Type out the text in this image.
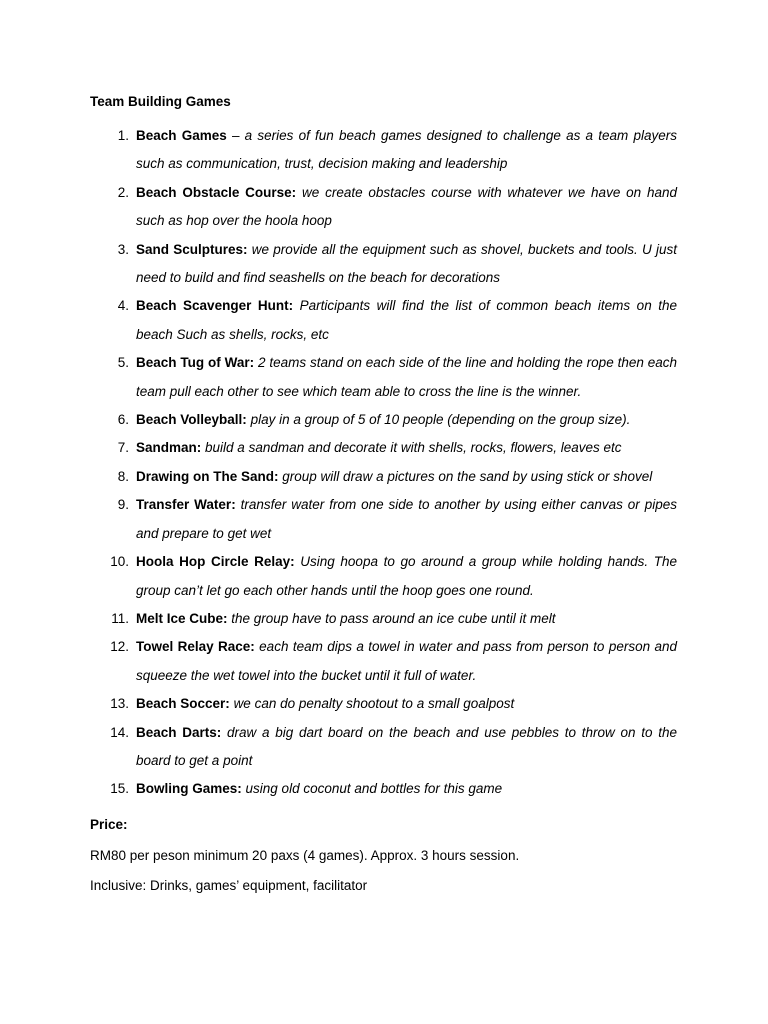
Team Building Games
1. Beach Games – a series of fun beach games designed to challenge as a team players such as communication, trust, decision making and leadership
2. Beach Obstacle Course: we create obstacles course with whatever we have on hand such as hop over the hoola hoop
3. Sand Sculptures: we provide all the equipment such as shovel, buckets and tools. U just need to build and find seashells on the beach for decorations
4. Beach Scavenger Hunt: Participants will find the list of common beach items on the beach Such as shells, rocks, etc
5. Beach Tug of War: 2 teams stand on each side of the line and holding the rope then each team pull each other to see which team able to cross the line is the winner.
6. Beach Volleyball: play in a group of 5 of 10 people (depending on the group size).
7. Sandman: build a sandman and decorate it with shells, rocks, flowers, leaves etc
8. Drawing on The Sand: group will draw a pictures on the sand by using stick or shovel
9. Transfer Water: transfer water from one side to another by using either canvas or pipes and prepare to get wet
10. Hoola Hop Circle Relay: Using hoopa to go around a group while holding hands. The group can’t let go each other hands until the hoop goes one round.
11. Melt Ice Cube: the group have to pass around an ice cube until it melt
12. Towel Relay Race: each team dips a towel in water and pass from person to person and squeeze the wet towel into the bucket until it full of water.
13. Beach Soccer: we can do penalty shootout to a small goalpost
14. Beach Darts: draw a big dart board on the beach and use pebbles to throw on to the board to get a point
15. Bowling Games: using old coconut and bottles for this game
Price:
RM80 per peson minimum 20 paxs (4 games). Approx. 3 hours session.
Inclusive: Drinks, games’ equipment, facilitator
